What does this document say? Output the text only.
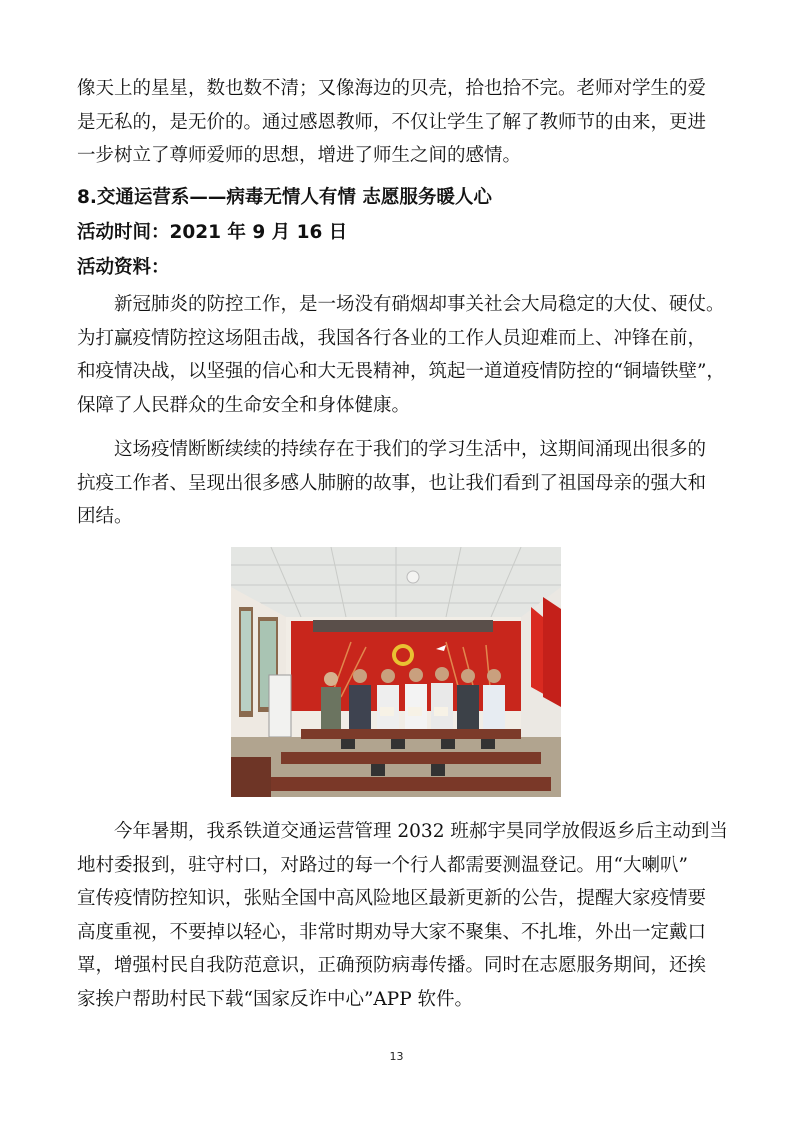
像天上的星星，数也数不清；又像海边的贝壳，拾也拾不完。老师对学生的爱
是无私的，是无价的。通过感恩教师，不仅让学生了解了教师节的由来，更进
一步树立了尊师爱师的思想，增进了师生之间的感情。
8.交通运营系——病毒无情人有情 志愿服务暖人心
活动时间：2021 年 9 月 16 日
活动资料：
新冠肺炎的防控工作，是一场没有硝烟却事关社会大局稳定的大仗、硬仗。
为打赢疫情防控这场阻击战，我国各行各业的工作人员迎难而上、冲锋在前，
和疫情决战，以坚强的信心和大无畏精神，筑起一道道疫情防控的“铜墙铁壁”，
保障了人民群众的生命安全和身体健康。
这场疫情断断续续的持续存在于我们的学习生活中，这期间涌现出很多的
抗疫工作者、呈现出很多感人肺腑的故事，也让我们看到了祖国母亲的强大和
团结。
今年暑期，我系铁道交通运营管理 2032 班郝宇昊同学放假返乡后主动到当
地村委报到，驻守村口，对路过的每一个行人都需要测温登记。用“大喇叭”
宣传疫情防控知识，张贴全国中高风险地区最新更新的公告，提醒大家疫情要
高度重视，不要掉以轻心，非常时期劝导大家不聚集、不扎堆，外出一定戴口
罩，增强村民自我防范意识，正确预防病毒传播。同时在志愿服务期间，还挨
家挨户帮助村民下载“国家反诈中心”APP 软件。
13
